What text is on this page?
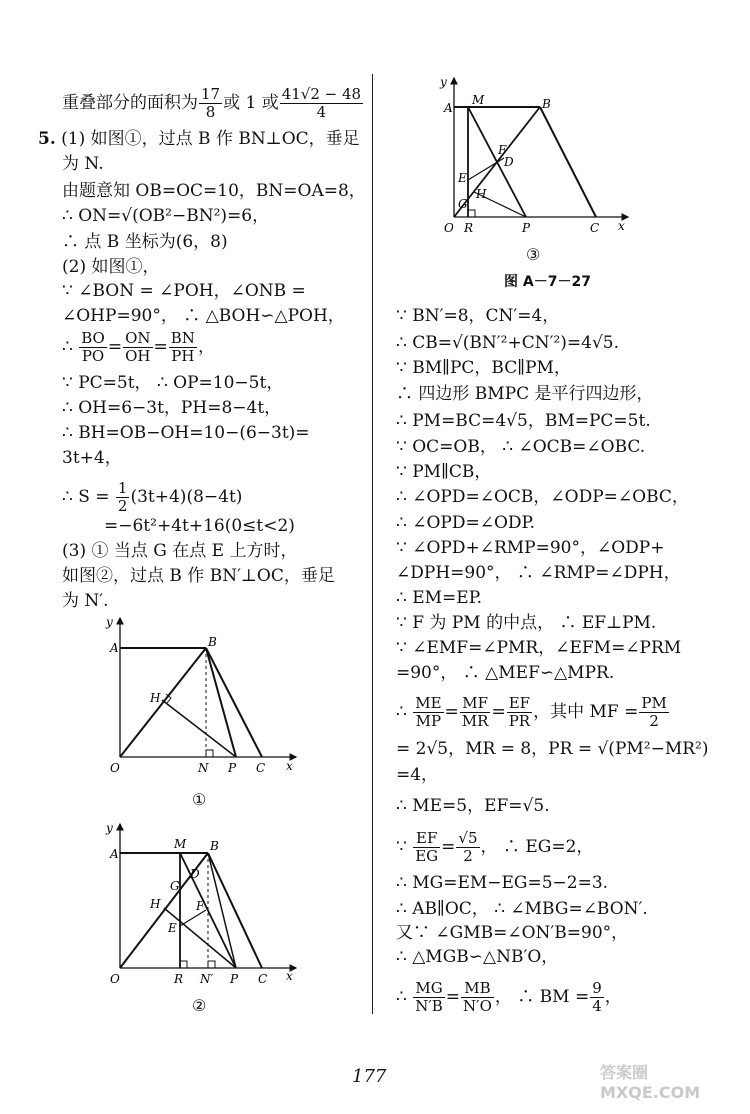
重叠部分的面积为 $\frac{17}{8}$ 或 1 或 $\frac{41√2 - 48}{4}$
5. (1) 如图①，过点 B 作 BN⊥OC，垂足
为 N.
由题意知 OB=OC=10，BN=OA=8，
∴ ON=√(OB²−BN²)=6，
∴ 点 B 坐标为(6，8)
(2) 如图①，
∵ ∠BON = ∠POH，∠ONB =
∠OHP=90°， ∴ △BOH∽△POH，
∴ $\frac{BO}{PO} = \frac{ON}{OH} = \frac{BN}{PH}$ ，
∵ PC=5t， ∴ OP=10−5t，
∴ OH=6−3t，PH=8−4t，
∴ BH=OB−OH=10−(6−3t)=
3t+4，
∴ $S = \frac{1}{2} (3t+4)(8-4t)$
=−6t²+4t+16(0≤t<2)
(3) ① 当点 G 在点 E 上方时，
如图②，过点 B 作 BN′⊥OC，垂足
为 N′.
A	B
H
O	N P C x
y
①
A
M B
D
G
H	F
E
O	R N′ P C x
y
②
A
M	B
F
D
E
H
G
O R	P	C x
y
③
图 A－7－27
∵ BN′=8，CN′=4，
∴ CB=√(BN′²+CN′²)=4√5.
∵ BM∥PC，BC∥PM，
∴ 四边形 BMPC 是平行四边形，
∴ PM=BC=4√5，BM=PC=5t.
∵ OC=OB， ∴ ∠OCB=∠OBC.
∵ PM∥CB，
∴ ∠OPD=∠OCB，∠ODP=∠OBC，
∴ ∠OPD=∠ODP.
∵ ∠OPD+∠RMP=90°，∠ODP+
∠DPH=90°， ∴ ∠RMP=∠DPH，
∴ EM=EP.
∵ F 为 PM 的中点， ∴ EF⊥PM.
∵ ∠EMF=∠PMR，∠EFM=∠PRM
=90°， ∴ △MEF∽△MPR.
∴ $\frac{ME}{MP} = \frac{MF}{MR} = \frac{EF}{PR}$ ，其中 MF = $\frac{PM}{2}$
= 2√5，MR = 8，PR = √(PM²−MR²)
=4，
∴ ME=5，EF=√5.
∵ $\frac{EF}{EG} = \frac{√5}{2}$ ， ∴ EG=2，
∴ MG=EM−EG=5−2=3.
∴ AB∥OC， ∴ ∠MBG=∠BON′.
又∵ ∠GMB=∠ON′B=90°，
∴ △MGB∽△NB′O，
∴ $\frac{MG}{N'B} = \frac{MB}{N'O}$ ， ∴ BM = $\frac{9}{4}$ ，
177	答案圈 MXQE.COM
